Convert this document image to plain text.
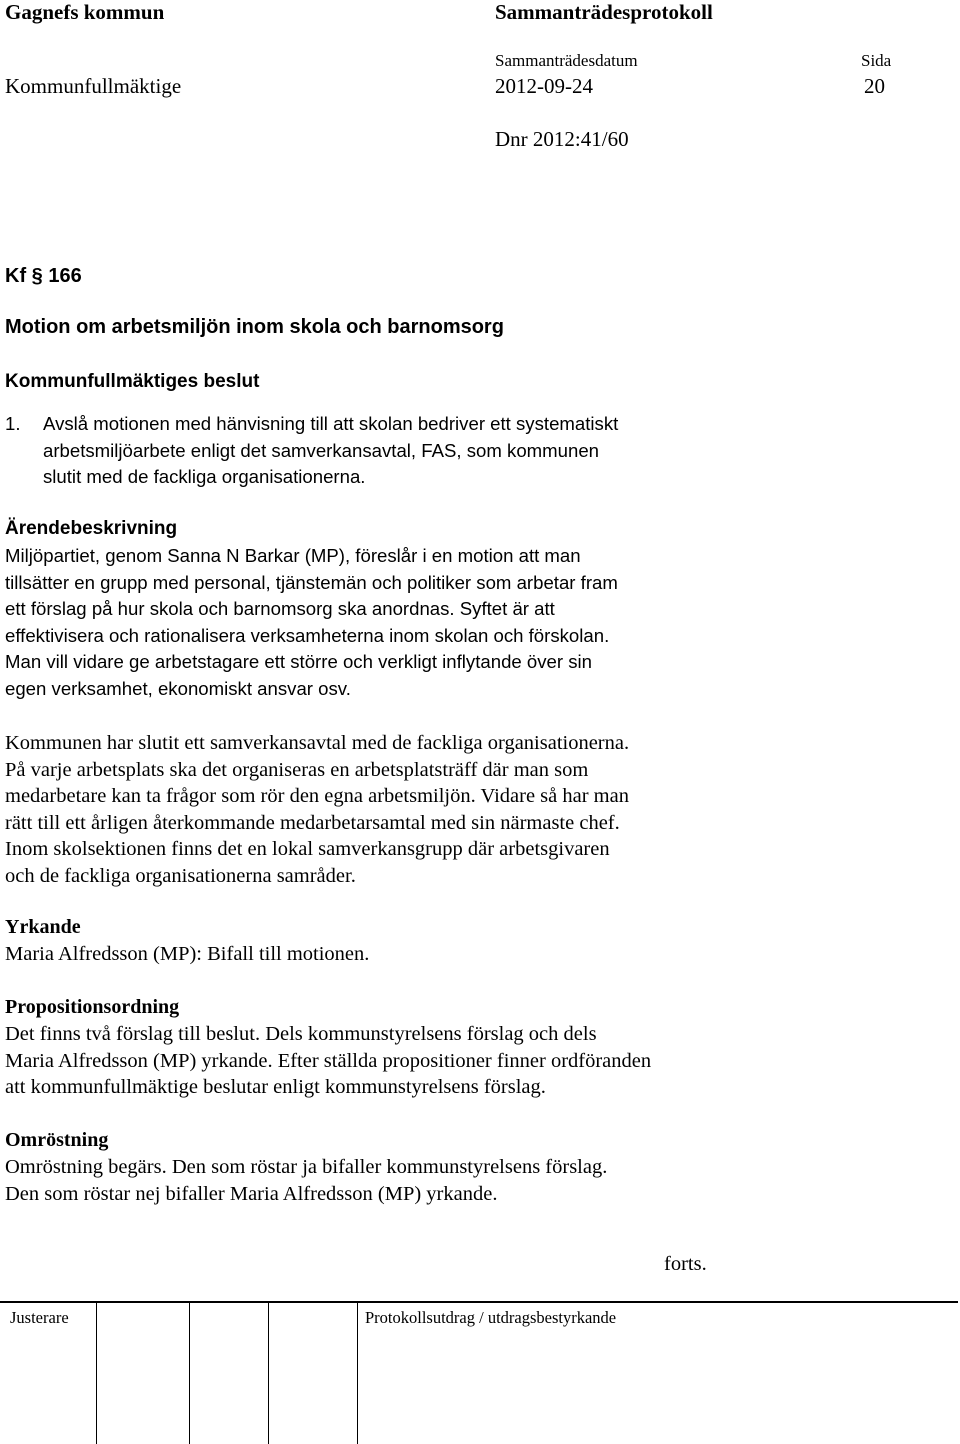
Gagnefs kommun	Sammanträdesprotokoll
Sammanträdesdatum	Sida
Kommunfullmäktige	2012-09-24	20
Dnr 2012:41/60
Kf § 166
Motion om arbetsmiljön inom skola och barnomsorg
Kommunfullmäktiges beslut
1. Avslå motionen med hänvisning till att skolan bedriver ett systematiskt
arbetsmiljöarbete enligt det samverkansavtal, FAS, som kommunen
slutit med de fackliga organisationerna.
Ärendebeskrivning
Miljöpartiet, genom Sanna N Barkar (MP), föreslår i en motion att man
tillsätter en grupp med personal, tjänstemän och politiker som arbetar fram
ett förslag på hur skola och barnomsorg ska anordnas. Syftet är att
effektivisera och rationalisera verksamheterna inom skolan och förskolan.
Man vill vidare ge arbetstagare ett större och verkligt inflytande över sin
egen verksamhet, ekonomiskt ansvar osv.
Kommunen har slutit ett samverkansavtal med de fackliga organisationerna.
På varje arbetsplats ska det organiseras en arbetsplatsträff där man som
medarbetare kan ta frågor som rör den egna arbetsmiljön. Vidare så har man
rätt till ett årligen återkommande medarbetarsamtal med sin närmaste chef.
Inom skolsektionen finns det en lokal samverkansgrupp där arbetsgivaren
och de fackliga organisationerna samråder.
Yrkande
Maria Alfredsson (MP): Bifall till motionen.
Propositionsordning
Det finns två förslag till beslut. Dels kommunstyrelsens förslag och dels
Maria Alfredsson (MP) yrkande. Efter ställda propositioner finner ordföranden
att kommunfullmäktige beslutar enligt kommunstyrelsens förslag.
Omröstning
Omröstning begärs. Den som röstar ja bifaller kommunstyrelsens förslag.
Den som röstar nej bifaller Maria Alfredsson (MP) yrkande.
forts.
Justerare	Protokollsutdrag / utdragsbestyrkande
